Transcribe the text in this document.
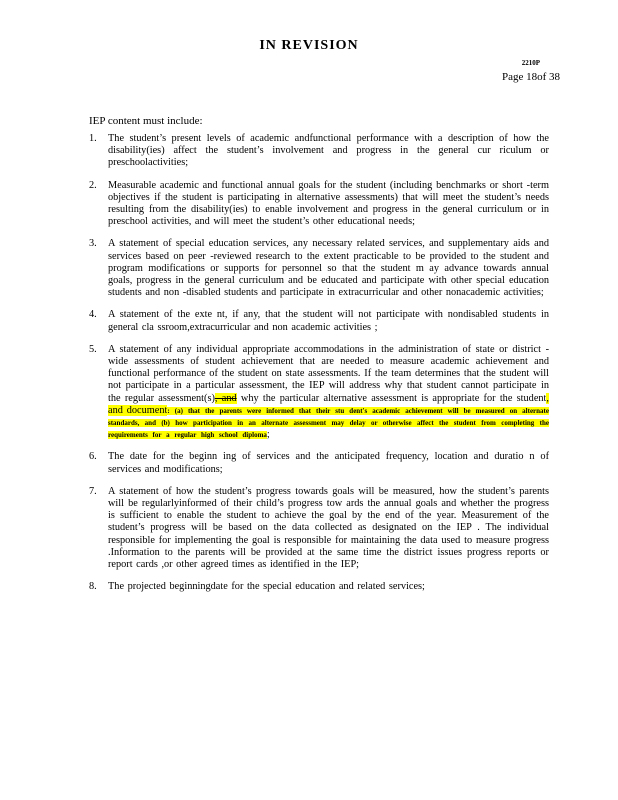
IN REVISION
2210P
Page 18of 38
IEP content must include:
1.	The student’s present levels of academic andfunctional performance with a description of how the disability(ies) affect the student’s involvement and progress in the general cur riculum or preschoolactivities;
2.	Measurable academic and functional annual goals for the student (including benchmarks or short -term objectives if the student is participating in alternative assessments) that will meet the student’s needs resulting from the disability(ies) to enable involvement and progress in the general curriculum or in preschool activities, and will meet the student’s other educational needs;
3.	A statement of special education services, any necessary related services, and supplementary aids and services based on peer -reviewed research to the extent practicable to be provided to the student and program modifications or supports for personnel so that the student m ay advance towards annual goals, progress in the general curriculum and be educated and participate with other special education students and non -disabled students and participate in extracurricular and other nonacademic activities;
4.	A statement of the exte nt, if any, that the student will not participate with nondisabled students in general cla ssroom,extracurricular and non academic activities ;
5.	A statement of any individual appropriate accommodations in the administration of state or district -wide assessments of student achievement that are needed to measure academic achievement and functional performance of the student on state assessments. If the team determines that the student will not participate in a particular assessment, the IEP will address why that student cannot participate in the regular assessment(s), and why the particular alternative assessment is appropriate for the student, and document: (a) that the parents were informed that their stu dent's academic achievement will be measured on alternate standards, and (b) how participation in an alternate assessment may delay or otherwise affect the student from completing the requirements for a regular high school diploma;
6.	The date for the beginn ing of services and the anticipated frequency, location and duratio n of services and modifications;
7.	A statement of how the student’s progress towards goals will be measured, how the student’s parents will be regularlyinformed of their child’s progress tow ards the annual goals and whether the progress is sufficient to enable the student to achieve the goal by the end of the year. Measurement of the student’s progress will be based on the data collected as designated on the IEP . The individual responsible for implementing the goal is responsible for maintaining the data used to measure progress .Information to the parents will be provided at the same time the district issues progress reports or report cards ,or other agreed times as identified in the IEP;
8.	The projected beginningdate for the special education and related services;
